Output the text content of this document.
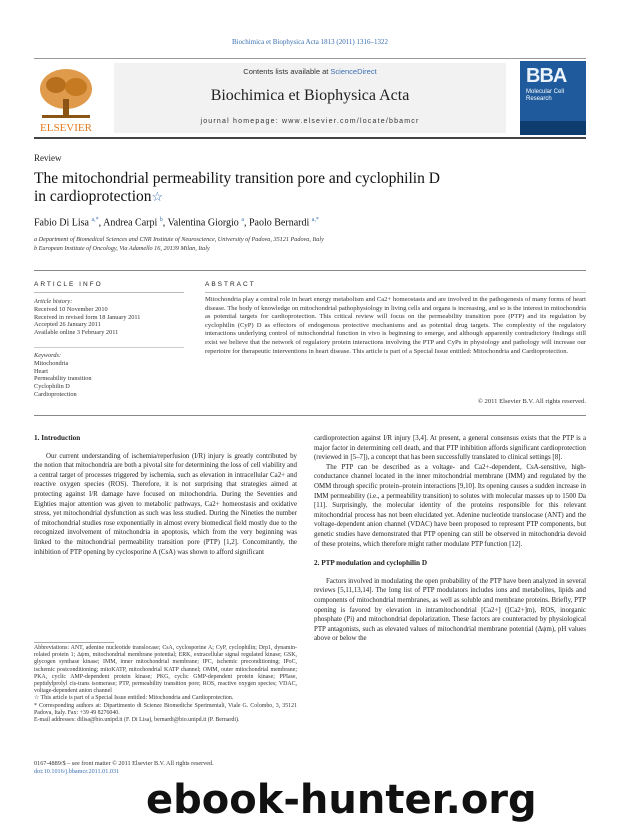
Biochimica et Biophysica Acta 1813 (2011) 1316–1322
ELSEVIER
Contents lists available at ScienceDirect
Biochimica et Biophysica Acta
journal homepage: www.elsevier.com/locate/bbamcr
BBA
Molecular Cell
Research
Review
The mitochondrial permeability transition pore and cyclophilin D
in cardioprotection☆
Fabio Di Lisa $^{a,*}$, Andrea Carpi $^b$, Valentina Giorgio $^a$, Paolo Bernardi $^{a,*}$
a Department of Biomedical Sciences and CNR Institute of Neuroscience, University of Padova, 35121 Padova, Italy
b European Institute of Oncology, Via Adamello 16, 20139 Milan, Italy
ARTICLE INFO	ABSTRACT
Article history:
Received 10 November 2010
Received in revised form 18 January 2011
Accepted 26 January 2011
Available online 3 February 2011
Keywords:
Mitochondria
Heart
Permeability transition
Cyclophilin D
Cardioprotection
Mitochondria play a central role in heart energy metabolism and Ca2+ homeostasis and are involved in the pathogenesis of many forms of heart disease. The body of knowledge on mitochondrial pathophysiology in living cells and organs is increasing, and so is the interest in mitochondria as potential targets for cardioprotection. This critical review will focus on the permeability transition pore (PTP) and its regulation by cyclophilin (CyP) D as effectors of endogenous protective mechanisms and as potential drug targets. The complexity of the regulatory interactions underlying control of mitochondrial function in vivo is beginning to emerge, and although apparently contradictory findings still exist we believe that the network of regulatory protein interactions involving the PTP and CyPs in physiology and pathology will increase our repertoire for therapeutic interventions in heart disease. This article is part of a Special Issue entitled: Mitochondria and Cardioprotection.
© 2011 Elsevier B.V. All rights reserved.
1. Introduction

Our current understanding of ischemia/reperfusion (I/R) injury is greatly contributed by the notion that mitochondria are both a pivotal site for determining the loss of cell viability and a central target of processes triggered by ischemia, such as elevation in intracellular Ca2+ and reactive oxygen species (ROS). Therefore, it is not surprising that strategies aimed at protecting against I/R damage have focused on mitochondria. During the Seventies and Eighties major attention was given to metabolic pathways, Ca2+ homeostasis and oxidative stress, yet mitochondrial dysfunction as such was less studied. During the Nineties the number of mitochondrial studies rose exponentially in almost every biomedical field mostly due to the recognized involvement of mitochondria in apoptosis, which from the very beginning was linked to the mitochondrial permeability transition pore (PTP) [1,2]. Concomitantly, the inhibition of PTP opening by cyclosporine A (CsA) was shown to afford significant

cardioprotection against I/R injury [3,4]. At present, a general consensus exists that the PTP is a major factor in determining cell death, and that PTP inhibition affords significant cardioprotection (reviewed in [5–7]), a concept that has been successfully translated to clinical settings [8].

The PTP can be described as a voltage- and Ca2+-dependent, CsA-sensitive, high-conductance channel located in the inner mitochondrial membrane (IMM) and regulated by the OMM through specific protein–protein interactions [9,10]. Its opening causes a sudden increase in IMM permeability (i.e., a permeability transition) to solutes with molecular masses up to 1500 Da [11]. Surprisingly, the molecular identity of the proteins responsible for this relevant mitochondrial process has not been elucidated yet. Adenine nucleotide translocase (ANT) and the voltage-dependent anion channel (VDAC) have been proposed to represent PTP components, but genetic studies have demonstrated that PTP opening can still be observed in mitochondria devoid of these proteins, which therefore might rather modulate PTP function [12].

2. PTP modulation and cyclophilin D

Factors involved in modulating the open probability of the PTP have been analyzed in several reviews [5,11,13,14]. The long list of PTP modulators includes ions and metabolites, lipids and components of mitochondrial membranes, as well as soluble and membrane proteins. Briefly, PTP opening is favored by elevation in intramitochondrial [Ca2+] ([Ca2+]m), ROS, inorganic phosphate (Pi) and mitochondrial depolarization. These factors are counteracted by physiological PTP antagonists, such as elevated values of mitochondrial membrane potential (Δψm), pH values above or below the

Abbreviations: ANT, adenine nucleotide translocase; CsA, cyclosporine A; CyP, cyclophilin; Drp1, dynamin-related protein 1; Δψm, mitochondrial membrane potential; ERK, extracellular signal regulated kinase; GSK, glycogen synthase kinase; IMM, inner mitochondrial membrane; IPC, ischemic preconditioning; IPoC, ischemic postconditioning; mitoKATP, mitochondrial KATP channel; OMM, outer mitochondrial membrane; PKA, cyclic AMP-dependent protein kinase; PKG, cyclic GMP-dependent protein kinase; PPIase, peptidylprolyl cis-trans isomerase; PTP, permeability transition pore; ROS, reactive oxygen species; VDAC, voltage-dependent anion channel
☆ This article is part of a Special Issue entitled: Mitochondria and Cardioprotection.
* Corresponding authors at: Dipartimento di Scienze Biomediche Sperimentali, Viale G. Colombo, 3, 35121 Padova, Italy. Fax: +39 49 8276040.
E-mail addresses: dilisa@bio.unipd.it (F. Di Lisa), bernardi@bio.unipd.it (P. Bernardi).
0167-4889/$ – see front matter © 2011 Elsevier B.V. All rights reserved.
doi:10.1016/j.bbamcr.2011.01.031
ebook-hunter.org
